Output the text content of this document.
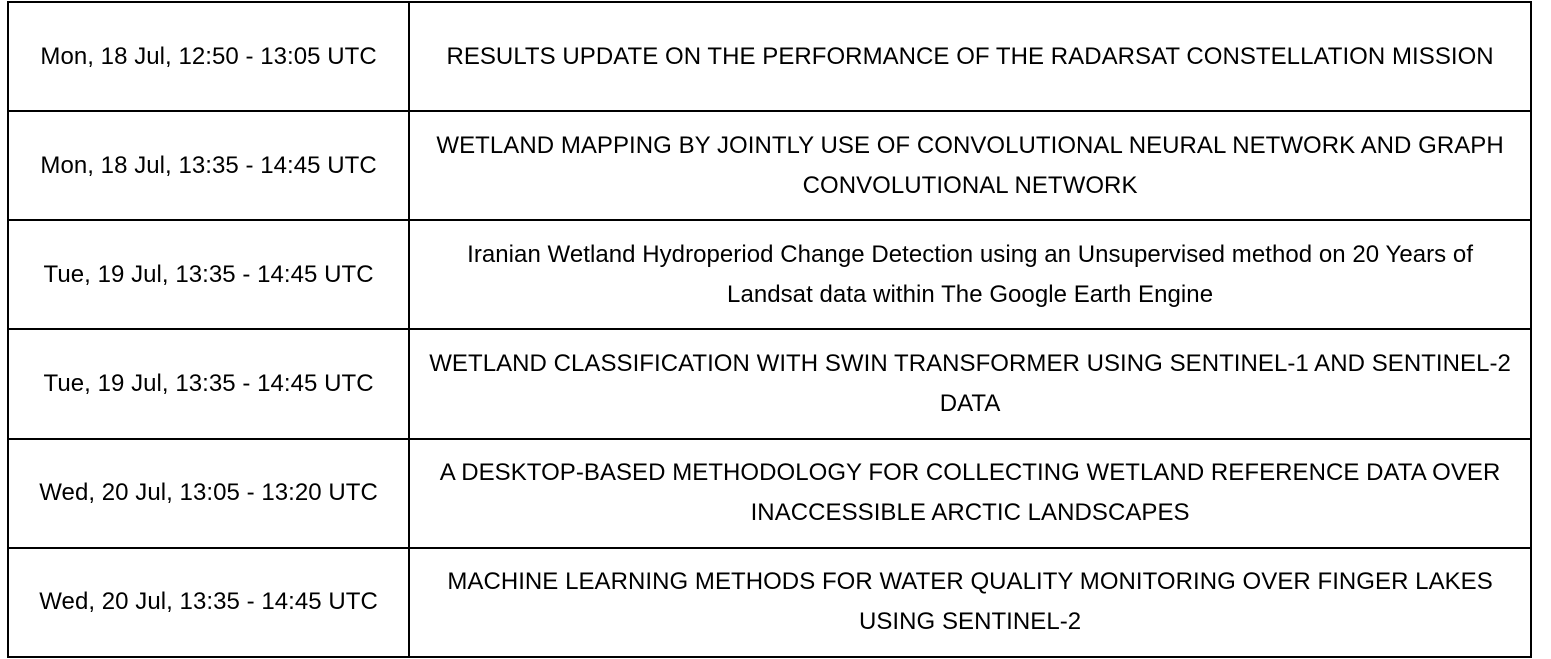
Mon, 18 Jul, 12:50 - 13:05 UTC	RESULTS UPDATE ON THE PERFORMANCE OF THE RADARSAT CONSTELLATION MISSION
Mon, 18 Jul, 13:35 - 14:45 UTC	WETLAND MAPPING BY JOINTLY USE OF CONVOLUTIONAL NEURAL NETWORK AND GRAPH CONVOLUTIONAL NETWORK
Tue, 19 Jul, 13:35 - 14:45 UTC	Iranian Wetland Hydroperiod Change Detection using an Unsupervised method on 20 Years of Landsat data within The Google Earth Engine
Tue, 19 Jul, 13:35 - 14:45 UTC	WETLAND CLASSIFICATION WITH SWIN TRANSFORMER USING SENTINEL-1 AND SENTINEL-2 DATA
Wed, 20 Jul, 13:05 - 13:20 UTC	A DESKTOP-BASED METHODOLOGY FOR COLLECTING WETLAND REFERENCE DATA OVER INACCESSIBLE ARCTIC LANDSCAPES
Wed, 20 Jul, 13:35 - 14:45 UTC	MACHINE LEARNING METHODS FOR WATER QUALITY MONITORING OVER FINGER LAKES USING SENTINEL-2
